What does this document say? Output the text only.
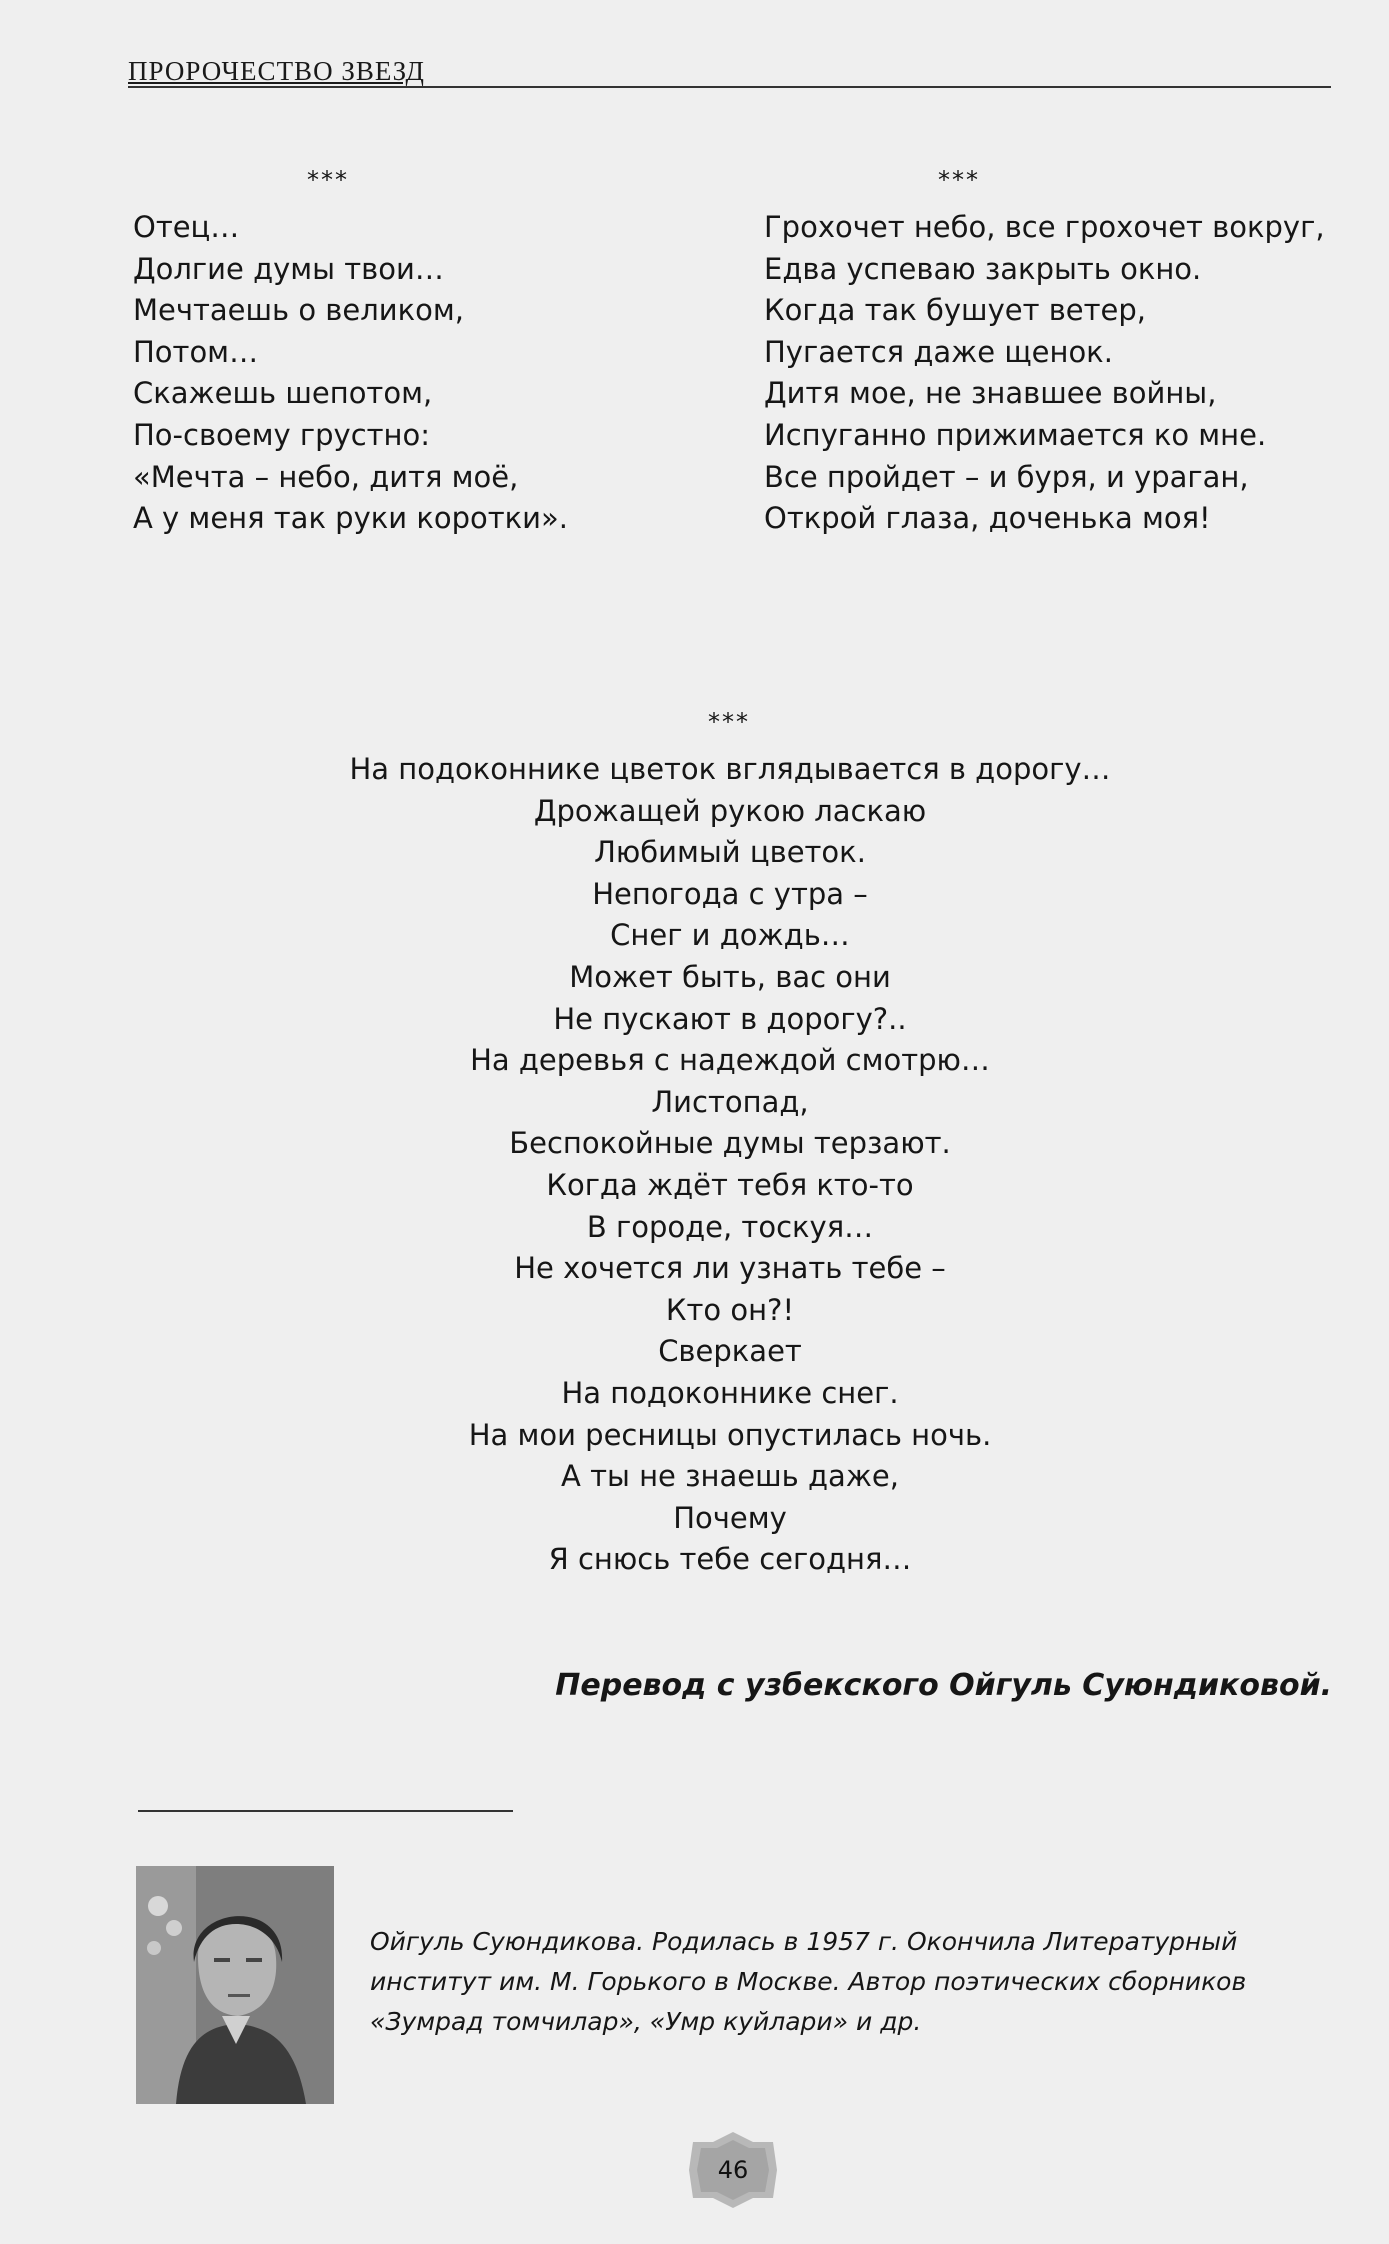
ПРОРОЧЕСТВО ЗВЕЗД
***
Отец…
Долгие думы твои…
Мечтаешь о великом,
Потом…
Скажешь шепотом,
По-своему грустно:
«Мечта – небо, дитя моё,
А у меня так руки коротки».
***
Грохочет небо, все грохочет вокруг,
Едва успеваю закрыть окно.
Когда так бушует ветер,
Пугается даже щенок.
Дитя мое, не знавшее войны,
Испуганно прижимается ко мне.
Все пройдет – и буря, и ураган,
Открой глаза, доченька моя!
***
На подоконнике цветок вглядывается в дорогу…
Дрожащей рукою ласкаю
Любимый цветок.
Непогода с утра –
Снег и дождь…
Может быть, вас они
Не пускают в дорогу?..
На деревья с надеждой смотрю…
Листопад,
Беспокойные думы терзают.
Когда ждёт тебя кто-то
В городе, тоскуя…
Не хочется ли узнать тебе –
Кто он?!
Сверкает
На подоконнике снег.
На мои ресницы опустилась ночь.
А ты не знаешь даже,
Почему
Я снюсь тебе сегодня…
Перевод с узбекского Ойгуль Суюндиковой.

Ойгуль Суюндикова. Родилась в 1957 г. Окончила Литературный институт им. М. Горького в Москве. Автор поэтических сборников «Зумрад томчилар», «Умр куйлари» и др.

46
